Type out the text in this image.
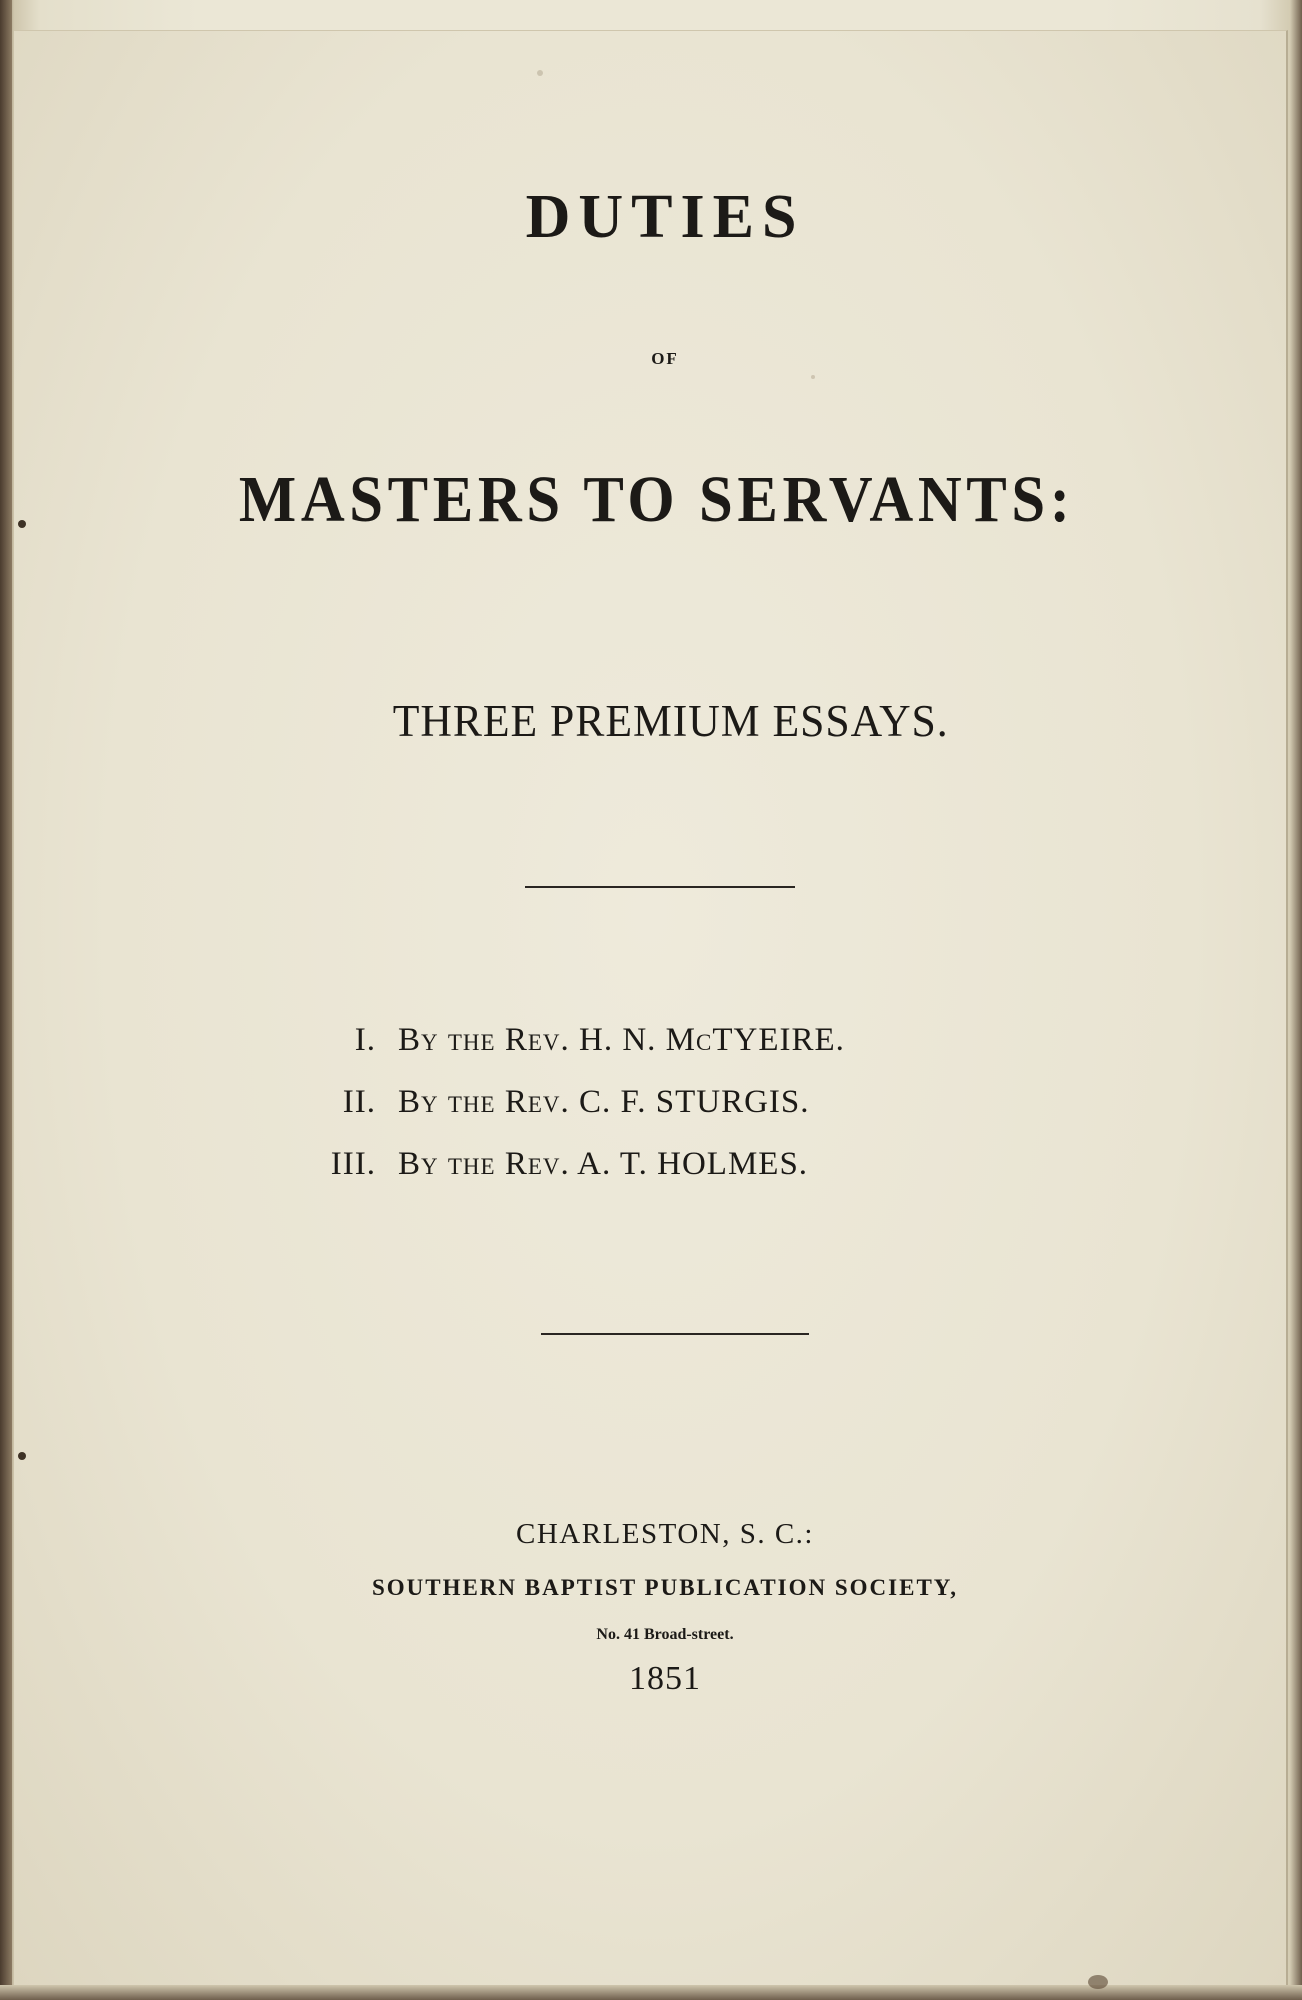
DUTIES
OF
MASTERS TO SERVANTS:
THREE PREMIUM ESSAYS.
I. By the Rev. H. N. McTYEIRE.
II. By the Rev. C. F. STURGIS.
III. By the Rev. A. T. HOLMES.
CHARLESTON, S. C.:
SOUTHERN BAPTIST PUBLICATION SOCIETY,
No. 41 Broad-street.
1851
